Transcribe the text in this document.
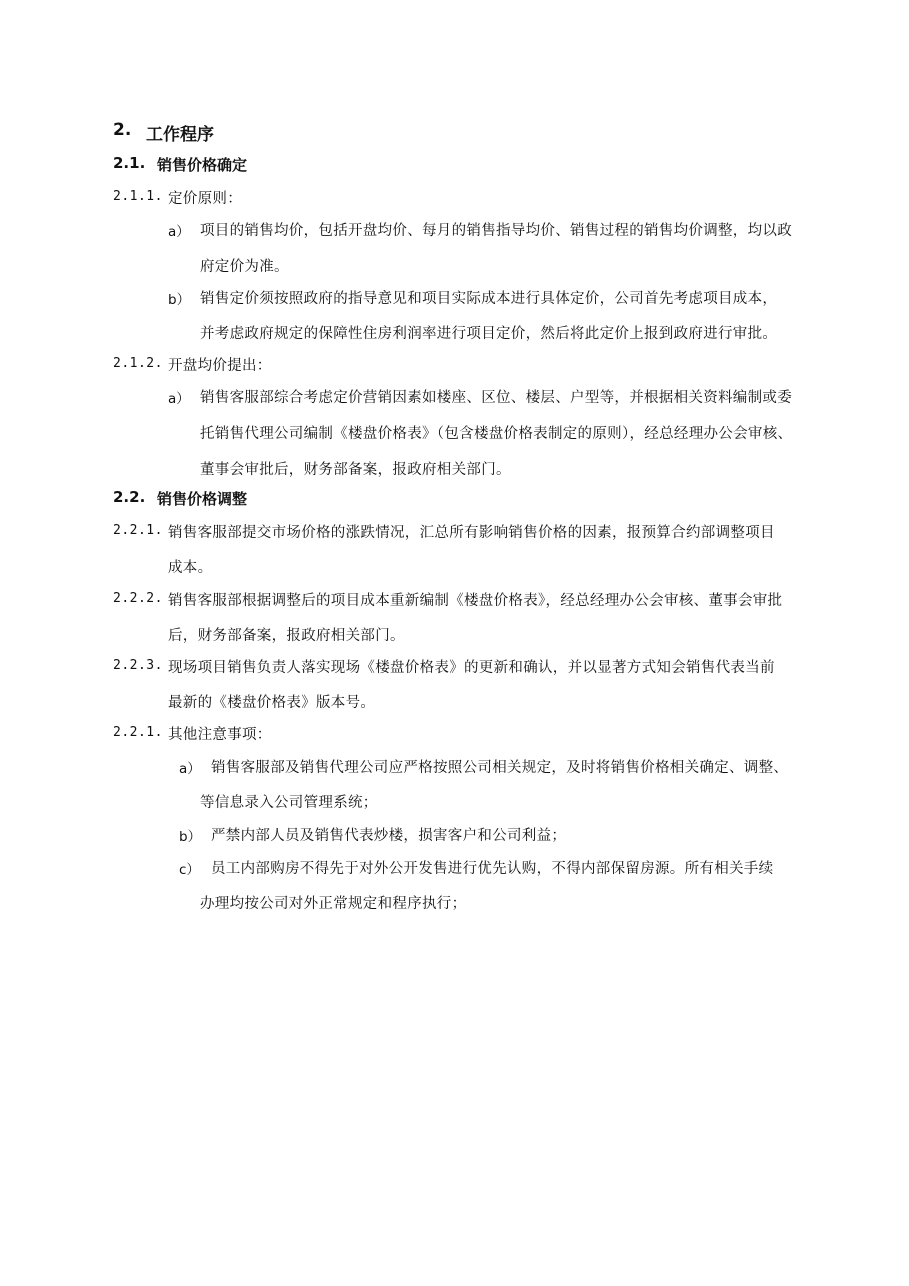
2. 工作程序
2.1. 销售价格确定
2.1.1. 定价原则：
a） 项目的销售均价，包括开盘均价、每月的销售指导均价、销售过程的销售均价调整，均以政
府定价为准。
b） 销售定价须按照政府的指导意见和项目实际成本进行具体定价，公司首先考虑项目成本，
并考虑政府规定的保障性住房利润率进行项目定价，然后将此定价上报到政府进行审批。
2.1.2. 开盘均价提出：
a） 销售客服部综合考虑定价营销因素如楼座、区位、楼层、户型等，并根据相关资料编制或委
托销售代理公司编制《楼盘价格表》（包含楼盘价格表制定的原则），经总经理办公会审核、
董事会审批后，财务部备案，报政府相关部门。
2.2. 销售价格调整
2.2.1. 销售客服部提交市场价格的涨跌情况，汇总所有影响销售价格的因素，报预算合约部调整项目
成本。
2.2.2. 销售客服部根据调整后的项目成本重新编制《楼盘价格表》，经总经理办公会审核、董事会审批
后，财务部备案，报政府相关部门。
2.2.3. 现场项目销售负责人落实现场《楼盘价格表》的更新和确认，并以显著方式知会销售代表当前
最新的《楼盘价格表》版本号。
2.2.1. 其他注意事项：
a） 销售客服部及销售代理公司应严格按照公司相关规定，及时将销售价格相关确定、调整、
等信息录入公司管理系统；
b） 严禁内部人员及销售代表炒楼，损害客户和公司利益；
c） 员工内部购房不得先于对外公开发售进行优先认购，不得内部保留房源。所有相关手续
办理均按公司对外正常规定和程序执行；
